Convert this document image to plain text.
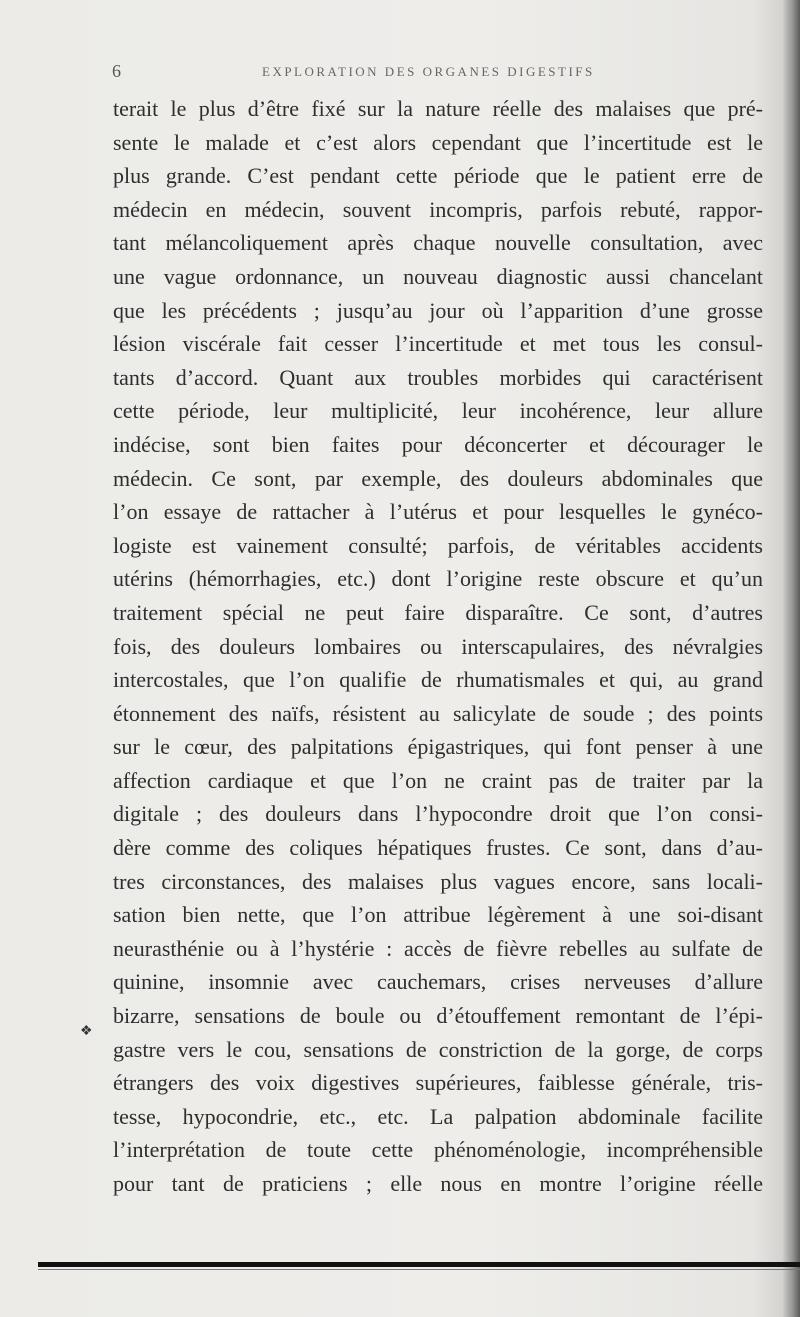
6	EXPLORATION DES ORGANES DIGESTIFS
terait le plus d’être fixé sur la nature réelle des malaises que pré-
sente le malade et c’est alors cependant que l’incertitude est le
plus grande. C’est pendant cette période que le patient erre de
médecin en médecin, souvent incompris, parfois rebuté, rappor-
tant mélancoliquement après chaque nouvelle consultation, avec
une vague ordonnance, un nouveau diagnostic aussi chancelant
que les précédents ; jusqu’au jour où l’apparition d’une grosse
lésion viscérale fait cesser l’incertitude et met tous les consul-
tants d’accord. Quant aux troubles morbides qui caractérisent
cette période, leur multiplicité, leur incohérence, leur allure
indécise, sont bien faites pour déconcerter et décourager le
médecin. Ce sont, par exemple, des douleurs abdominales que
l’on essaye de rattacher à l’utérus et pour lesquelles le gynéco-
logiste est vainement consulté; parfois, de véritables accidents
utérins (hémorrhagies, etc.) dont l’origine reste obscure et qu’un
traitement spécial ne peut faire disparaître. Ce sont, d’autres
fois, des douleurs lombaires ou interscapulaires, des névralgies
intercostales, que l’on qualifie de rhumatismales et qui, au grand
étonnement des naïfs, résistent au salicylate de soude ; des points
sur le cœur, des palpitations épigastriques, qui font penser à une
affection cardiaque et que l’on ne craint pas de traiter par la
digitale ; des douleurs dans l’hypocondre droit que l’on consi-
dère comme des coliques hépatiques frustes. Ce sont, dans d’au-
tres circonstances, des malaises plus vagues encore, sans locali-
sation bien nette, que l’on attribue légèrement à une soi-disant
neurasthénie ou à l’hystérie : accès de fièvre rebelles au sulfate de
quinine, insomnie avec cauchemars, crises nerveuses d’allure
bizarre, sensations de boule ou d’étouffement remontant de l’épi-
gastre vers le cou, sensations de constriction de la gorge, de corps
étrangers des voix digestives supérieures, faiblesse générale, tris-
tesse, hypocondrie, etc., etc. La palpation abdominale facilite
l’interprétation de toute cette phénoménologie, incompréhensible
pour tant de praticiens ; elle nous en montre l’origine réelle
❖
